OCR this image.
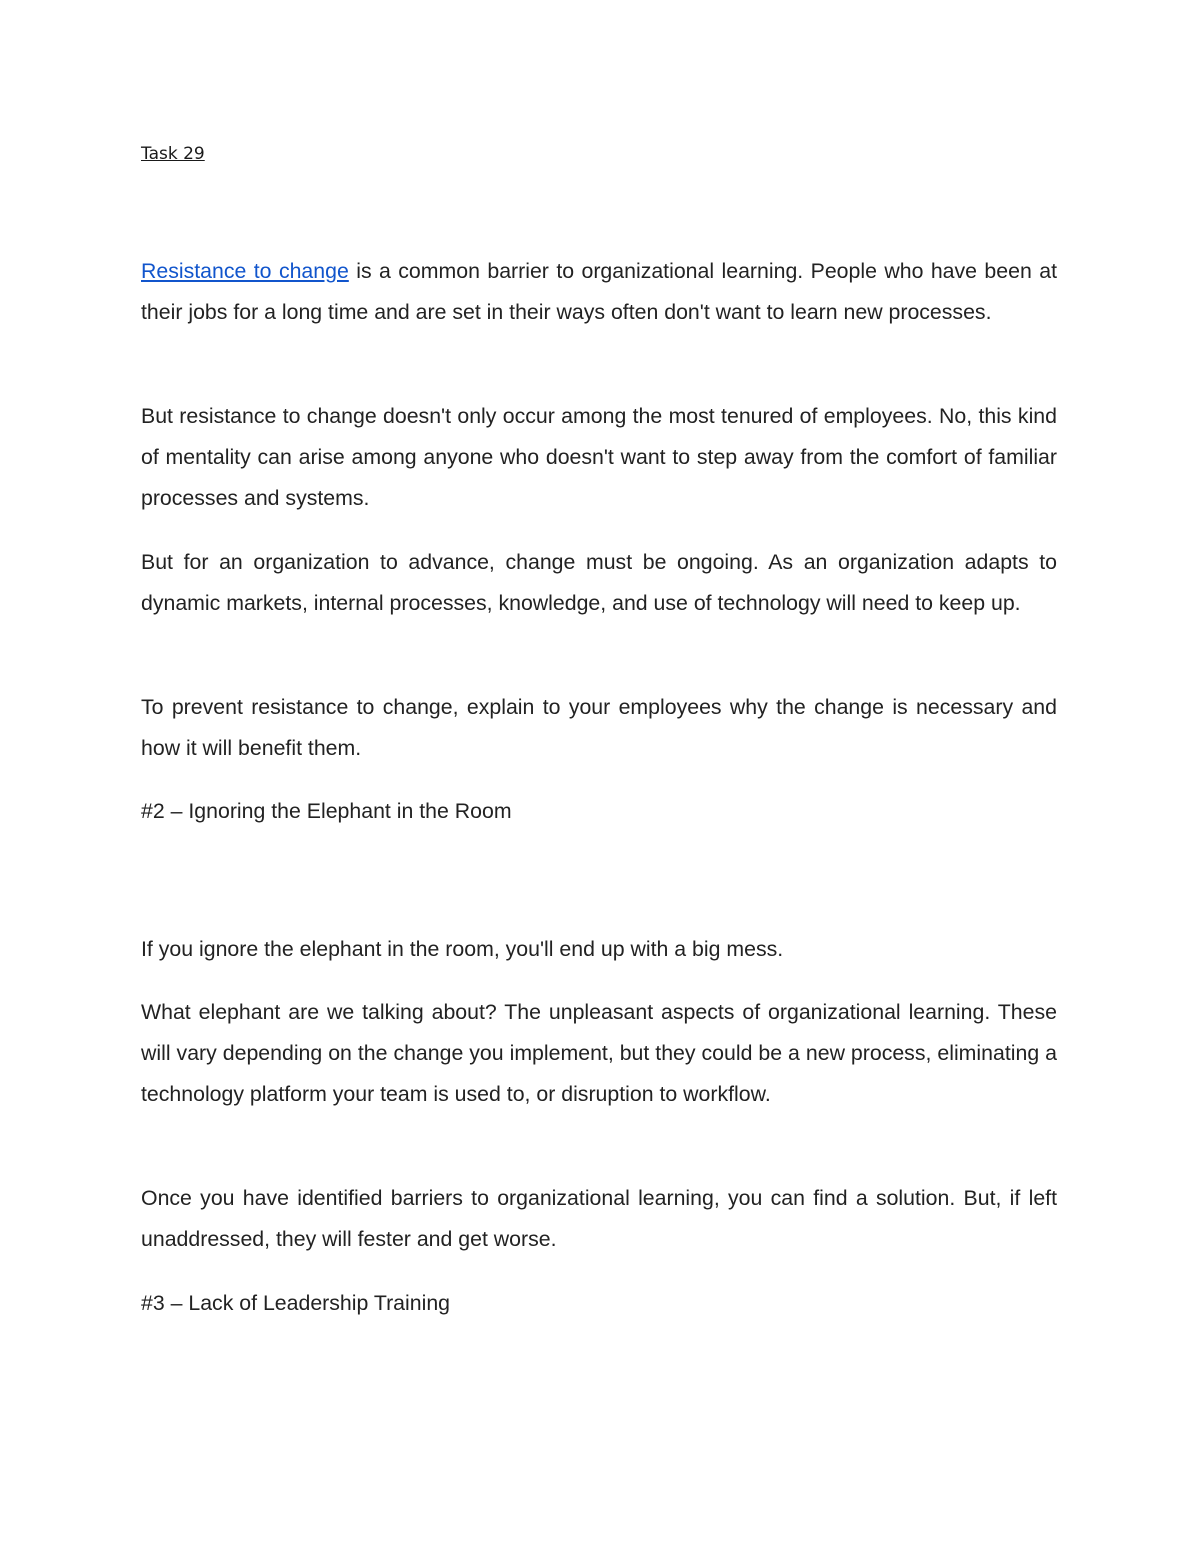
Task 29

Resistance to change is a common barrier to organizational learning. People who have been at their jobs for a long time and are set in their ways often don't want to learn new processes.

But resistance to change doesn't only occur among the most tenured of employees. No, this kind of mentality can arise among anyone who doesn't want to step away from the comfort of familiar processes and systems.

But for an organization to advance, change must be ongoing. As an organization adapts to dynamic markets, internal processes, knowledge, and use of technology will need to keep up.

To prevent resistance to change, explain to your employees why the change is necessary and how it will benefit them.

#2 – Ignoring the Elephant in the Room

If you ignore the elephant in the room, you'll end up with a big mess.

What elephant are we talking about? The unpleasant aspects of organizational learning. These will vary depending on the change you implement, but they could be a new process, eliminating a technology platform your team is used to, or disruption to workflow.

Once you have identified barriers to organizational learning, you can find a solution. But, if left unaddressed, they will fester and get worse.

#3 – Lack of Leadership Training
